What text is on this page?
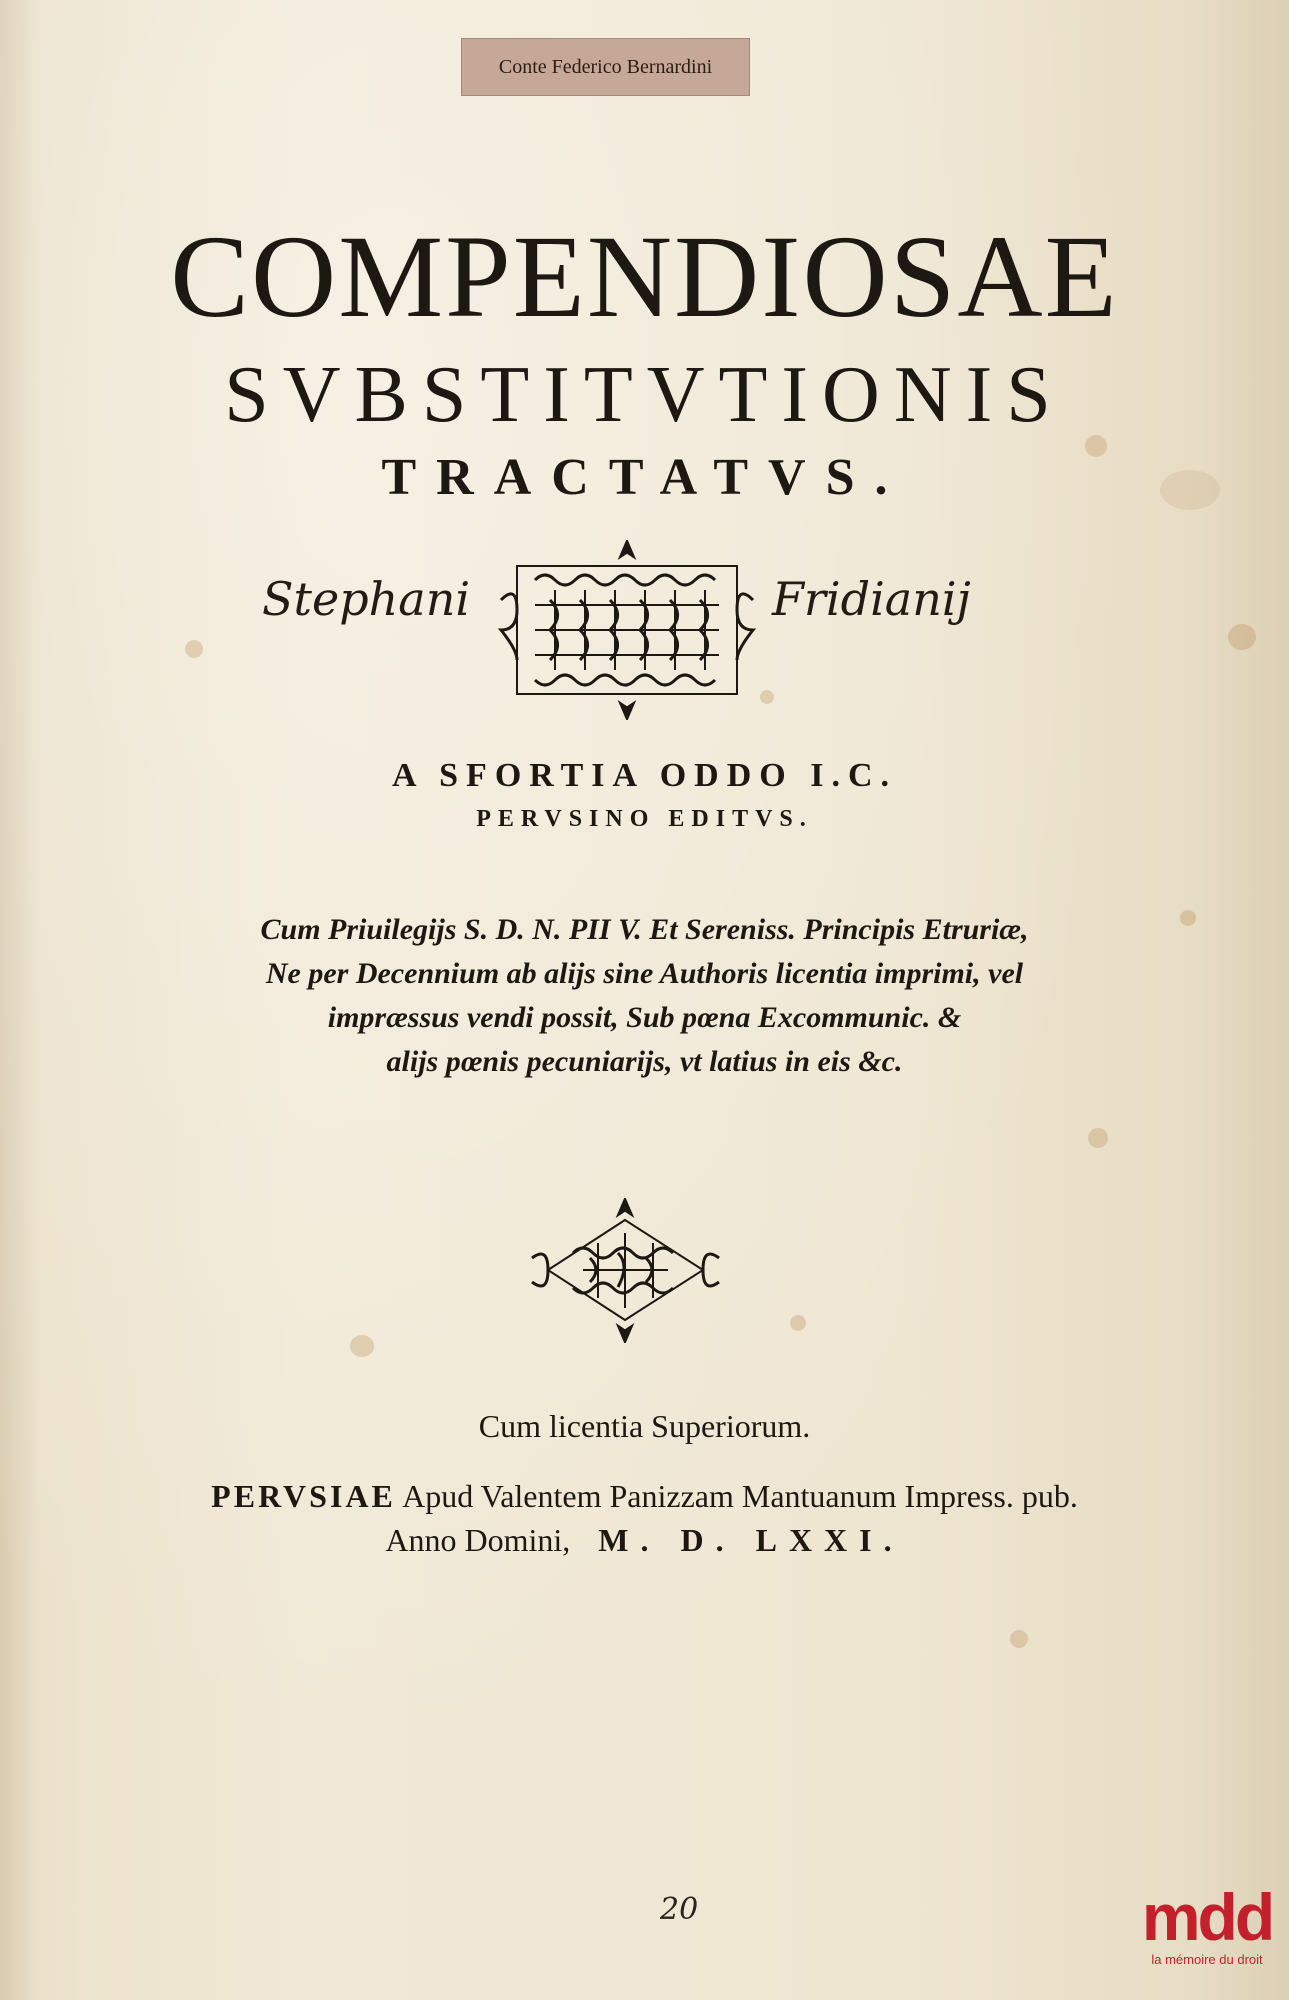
Conte Federico Bernardini
COMPENDIOSAE
SVBSTITVTIONIS
TRACTATVS.
Stephani	Fridianij
A SFORTIA ODDO I.C.
PERVSINO EDITVS.
Cum Priuilegijs S. D. N. PII V. Et Sereniss. Principis Etruriæ,
Ne per Decennium ab alijs sine Authoris licentia imprimi, vel
impræssus vendi possit, Sub pœna Excommunic. &
alijs pœnis pecuniarijs, vt latius in eis &c.
Cum licentia Superiorum.
PERVSIAE Apud Valentem Panizzam Mantuanum Impress. pub.
Anno Domini, M. D. LXXI.
20	mdd
la mémoire du droit
